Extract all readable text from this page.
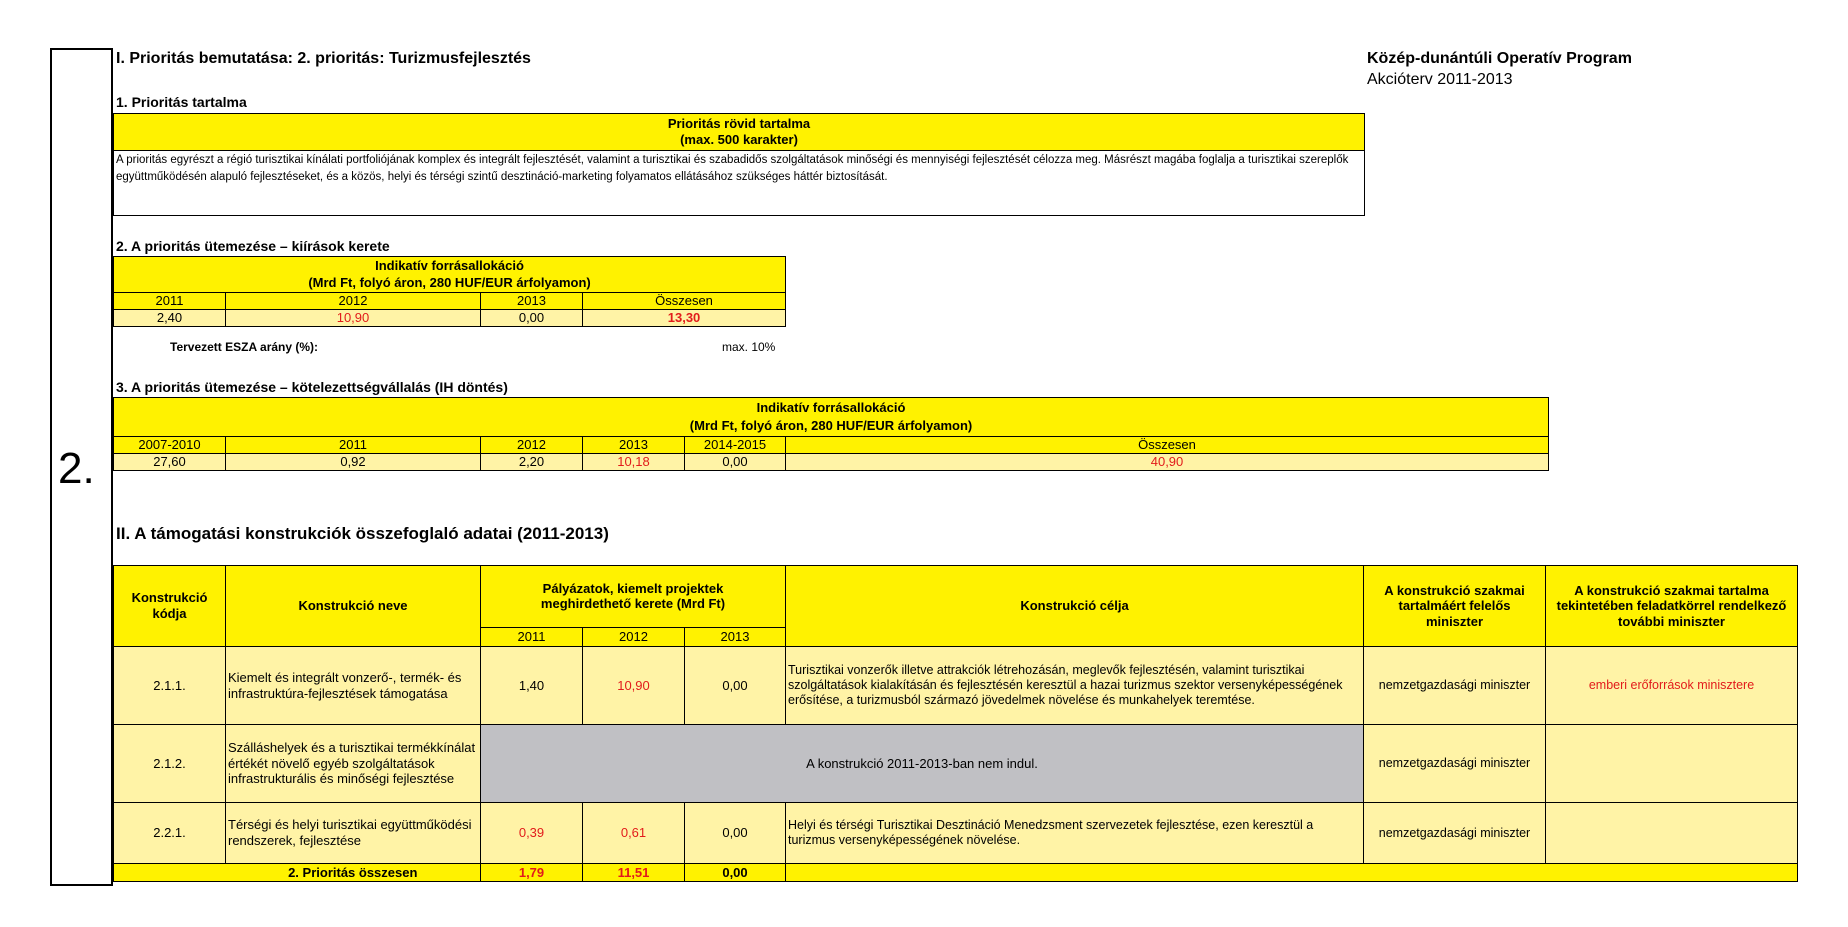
2.
I. Prioritás bemutatása: 2. prioritás: Turizmusfejlesztés	Közép-dunántúli Operatív Program
Akcióterv 2011-2013
1. Prioritás tartalma
Prioritás rövid tartalma
(max. 500 karakter)
A prioritás egyrészt a régió turisztikai kínálati portfoliójának komplex és integrált fejlesztését, valamint a turisztikai és szabadidős szolgáltatások minőségi és mennyiségi fejlesztését célozza meg. Másrészt magába foglalja a turisztikai szereplők együttműködésén alapuló fejlesztéseket, és a közös, helyi és térségi szintű desztináció-marketing folyamatos ellátásához szükséges háttér biztosítását.
2. A prioritás ütemezése – kiírások kerete
Indikatív forrásallokáció
(Mrd Ft, folyó áron, 280 HUF/EUR árfolyamon)			

2011	2012	2013	Összesen
2,40	10,90	0,00	13,30
Tervezett ESZA arány (%):	max. 10%
3. A prioritás ütemezése – kötelezettségvállalás (IH döntés)
Indikatív forrásallokáció
(Mrd Ft, folyó áron, 280 HUF/EUR árfolyamon)					

2007-2010	2011	2012	2013	2014-2015	Összesen
27,60	0,92	2,20	10,18	0,00	40,90
II. A támogatási konstrukciók összefoglaló adatai (2011-2013)
Konstrukció kódja	Konstrukció neve	Pályázatok, kiemelt projektek meghirdethető kerete (Mrd Ft)			Konstrukció célja	A konstrukció szakmai tartalmáért felelős miniszter	A konstrukció szakmai tartalma tekintetében feladatkörrel rendelkező további miniszter
		2011	2012	2013			
2.1.1.	Kiemelt és integrált vonzerő-, termék- és infrastruktúra-fejlesztések támogatása	1,40	10,90	0,00	Turisztikai vonzerők illetve attrakciók létrehozásán, meglevők fejlesztésén, valamint turisztikai szolgáltatások kialakításán és fejlesztésén keresztül a hazai turizmus szektor versenyképességének erősítése, a turizmusból származó jövedelmek növelése és munkahelyek teremtése.	nemzetgazdasági miniszter	emberi erőforrások minisztere
2.1.2.	Szálláshelyek és a turisztikai termékkínálat értékét növelő egyéb szolgáltatások infrastrukturális és minőségi fejlesztése	A konstrukció 2011-2013-ban nem indul.				nemzetgazdasági miniszter	
2.2.1.	Térségi és helyi turisztikai együttműködési rendszerek, fejlesztése	0,39	0,61	0,00	Helyi és térségi Turisztikai Desztináció Menedzsment szervezetek fejlesztése, ezen keresztül a turizmus versenyképességének növelése.	nemzetgazdasági miniszter	
	2. Prioritás összesen	1,79	11,51	0,00			
